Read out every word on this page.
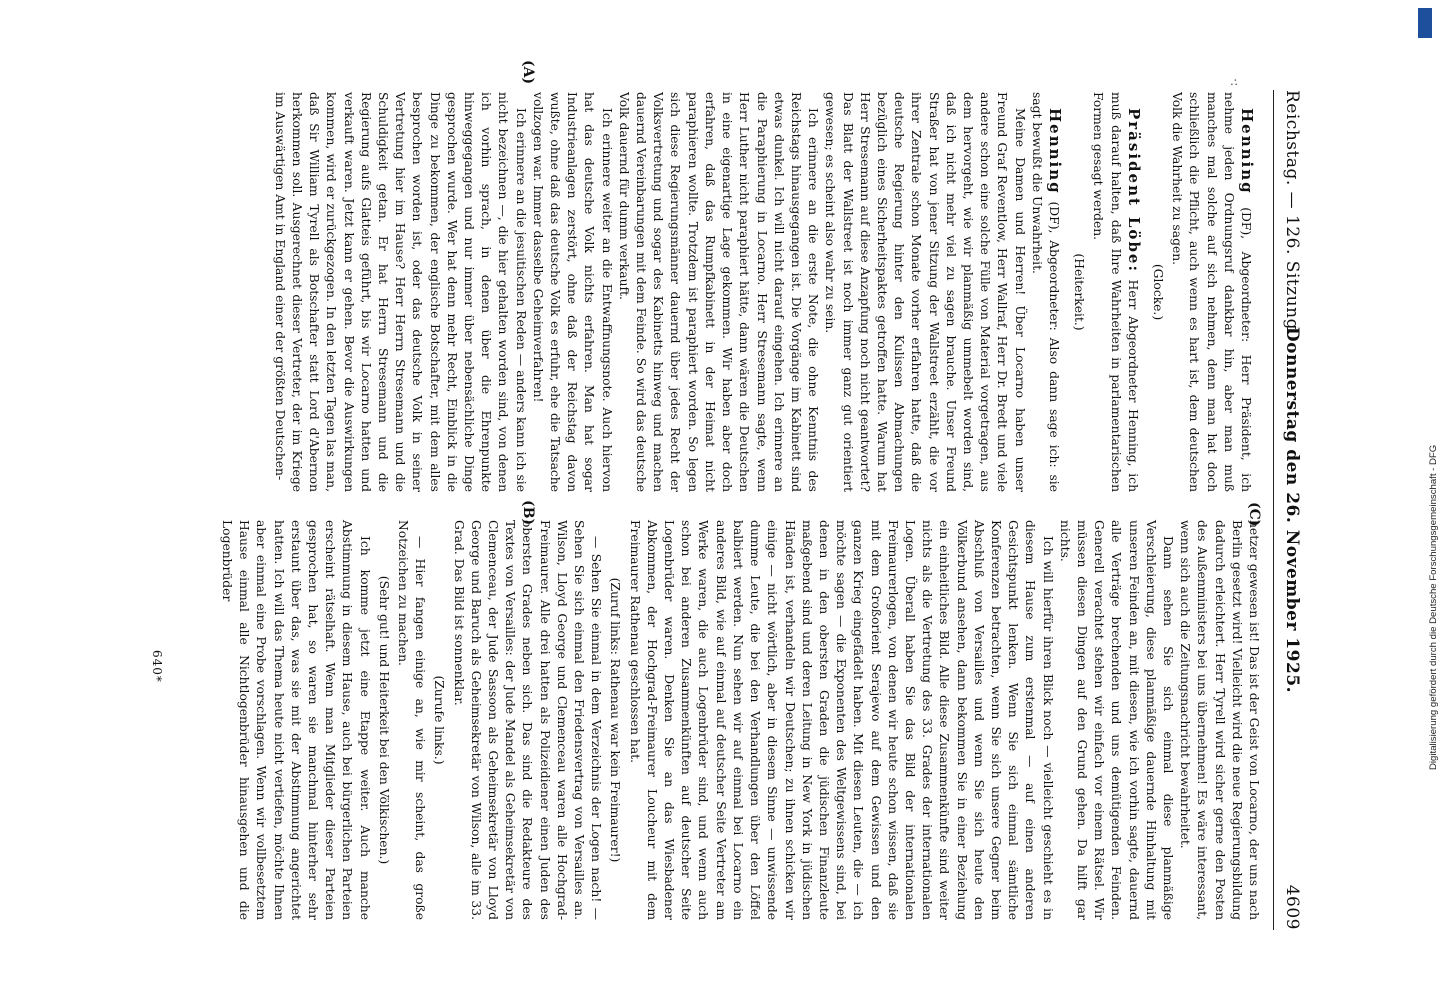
Reichstag. — 126. Sitzung.
Donnerstag den 26. November 1925.
4609
·:

Henning (DF), Abgeordneter: Herr Präsident, ich nehme jeden Ordnungsruf dankbar hin, aber man muß manches mal solche auf sich nehmen, denn man hat doch schließlich die Pflicht, auch wenn es hart ist, dem deutschen Volk die Wahrheit zu sagen.

(Glocke.)

Präsident Löbe: Herr Abgeordneter Henning, ich muß darauf halten, daß Ihre Wahrheiten in parlamentarischen Formen gesagt werden.

(Heiterkeit.)

Henning (DF), Abgeordneter: Also dann sage ich: sie sagt bewußt die Unwahrheit.

Meine Damen und Herren! Über Locarno haben unser Freund Graf Reventlow, Herr Wallraf, Herr Dr. Bredt und viele andere schon eine solche Fülle von Material vorgetragen, aus dem hervorgeht, wie wir planmäßig ummebelt worden sind, daß ich nicht mehr viel zu sagen brauche. Unser Freund Straßer hat von jener Sitzung der Wallstreet erzählt, die vor ihrer Zentrale schon Monate vorher erfahren hatte, daß die deutsche Regierung hinter den Kulissen Abmachungen bezüglich eines Sicherheitspaktes getroffen hatte. Warum hat Herr Stresemann auf diese Anzapfung noch nicht geantwortet? Das Blatt der Wallstreet ist noch immer ganz gut orientiert gewesen; es scheint also wahr zu sein.

Ich erinnere an die erste Note, die ohne Kenntnis des Reichstags hinausgegangen ist. Die Vorgänge im Kabinett sind etwas dunkel. Ich will nicht darauf eingehen. Ich erinnere an die Paraphierung in Locarno. Herr Stresemann sagte, wenn Herr Luther nicht paraphiert hätte, dann wären die Deutschen in eine eigenartige Lage gekommen. Wir haben aber doch erfahren, daß das Rumpfkabinett in der Heimat nicht paraphieren wollte. Trotzdem ist paraphiert worden. So legen sich diese Regierungsmänner dauernd über jedes Recht der Volksvertretung und sogar des Kabinetts hinweg und machen dauernd Vereinbarungen mit dem Feinde. So wird das deutsche Volk dauernd für dumm verkauft.

Ich erinnere weiter an die Entwaffnungsnote. Auch hiervon hat das deutsche Volk nichts erfahren. Man hat sogar Industrieanlagen zerstört, ohne daß der Reichstag davon wußte, ohne daß das deutsche Volk es erfuhr, ehe die Tatsache vollzogen war. Immer dasselbe Geheimverfahren!

Ich erinnere an die jesuitischen Reden — anders kann ich sie nicht bezeichnen —, die hier gehalten worden sind, von denen ich vorhin sprach, in denen über die Ehrenpunkte hinweggegangen und nur immer über nebensächliche Dinge gesprochen wurde. Wer hat denn mehr Recht, Einblick in die Dinge zu bekommen, der englische Botschafter, mit dem alles besprochen worden ist, oder das deutsche Volk in seiner Vertretung hier im Hause? Herr Herrn Stresemann und die Schuldigkeit getan. Er hat Herrn Stresemann und die Regierung aufs Glatteis geführt, bis wir Locarno hatten und verkauft waren. Jetzt kann er gehen. Bevor die Auswirkungen kommen, wird er zurückgezogen. In den letzten Tagen las man, daß Sir William Tyrell als Botschafter statt Lord d'Abernon herkommen soll. Ausgerechnet dieser Vertreter, der im Kriege im Auswärtigen Amt in England einer der größten Deutschen-

hetzer gewesen ist! Das ist der Geist von Locarno, der uns nach Berlin gesetzt wird! Vielleicht wird die neue Regierungsbildung dadurch erleichtert. Herr Tyrell wird sicher gerne den Posten des Außenministers bei uns übernehmen! Es wäre interessant, wenn sich auch die Zeitungsnachricht bewahrheitet.

Dann sehen Sie sich einmal diese planmäßige Verschleierung, diese planmäßige dauernde Hinhaltung mit unseren Feinden an, mit diesen, wie ich vorhin sagte, dauernd alle Verträge brechenden und uns demütigenden Feinden. Generell verachtet stehen wir einfach vor einem Rätsel. Wir müssen diesen Dingen auf den Grund gehen. Da hilft gar nichts.

Ich will hierfür ihren Blick noch — vielleicht geschieht es in diesem Hause zum erstenmal — auf einen anderen Gesichtspunkt lenken. Wenn Sie sich einmal sämtliche Konferenzen betrachten, wenn Sie sich unsere Gegner beim Abschluß von Versailles und wenn Sie sich heute den Völkerbund ansehen, dann bekommen Sie in einer Beziehung ein einheitliches Bild. Alle diese Zusammenkünfte sind weiter nichts als die Vertretung des 33. Grades der internationalen Logen. Überall haben Sie das Bild der internationalen Freimaurerlogen, von denen wir heute schon wissen, daß sie mit dem Großorient Serajewo auf dem Gewissen und den ganzen Krieg eingefädelt haben. Mit diesen Leuten, die — ich möchte sagen — die Exponenten des Weltgewissens sind, bei denen in den obersten Graden die jüdischen Finanzleute maßgebend sind und deren Leitung in New York in jüdischen Händen ist, verhandeln wir Deutschen; zu ihnen schicken wir einige — nicht wörtlich, aber in diesem Sinne — unwissende dumme Leute, die bei den Verhandlungen über den Löffel balbiert werden. Nun sehen wir auf einmal bei Locarno ein anderes Bild, wie auf einmal auf deutscher Seite Vertreter am Werke waren, die auch Logenbrüder sind, und wenn auch schon bei anderen Zusammenkünften auf deutscher Seite Logenbrüder waren. Denken Sie an das Wiesbadener Abkommen, der Hochgrad-Freimaurer Loucheur mit dem Freimaurer Rathenau geschlossen hat.

(Zuruf links: Rathenau war kein Freimaurer!)

— Sehen Sie einmal in dem Verzeichnis der Logen nach! — Sehen Sie sich einmal den Friedensvertrag von Versailles an. Wilson, Lloyd George und Clemenceau waren alle Hochgrad-Freimaurer. Alle drei hatten als Polizeidiener einen Juden des obersten Grades neben sich. Das sind die Redakteure des Textes von Versailles: der Jude Mandel als Geheimsekretär von Clemenceau, der Jude Sassoon als Geheimsekretär von Lloyd George und Baruch als Geheimsekretär von Wilson, alle im 33. Grad. Das Bild ist sonnenklar.

(Zurufe links.)

— Hier fangen einige an, wie mir scheint, das große Notzeichen zu machen.

(Sehr gut! und Heiterkeit bei den Völkischen.)

Ich komme jetzt eine Etappe weiter. Auch manche Abstimmung in diesem Hause, auch bei bürgerlichen Parteien erscheint rätselhaft. Wenn man Mitglieder dieser Parteien gesprochen hat, so waren sie manchmal hinterher sehr erstaunt über das, was sie mit der Abstimmung angerichtet hatten. Ich will das Thema heute nicht vertiefen, möchte Ihnen aber einmal eine Probe vorschlagen. Wenn wir vollbesetztem Hause einmal alle Nichtlogenbrüder hinausgehen und die Logenbrüder

(A)
(B)	(C)
640*
DFG
Digitalisierung gefördert durch die Deutsche Forschungsgemeinschaft - DFG
